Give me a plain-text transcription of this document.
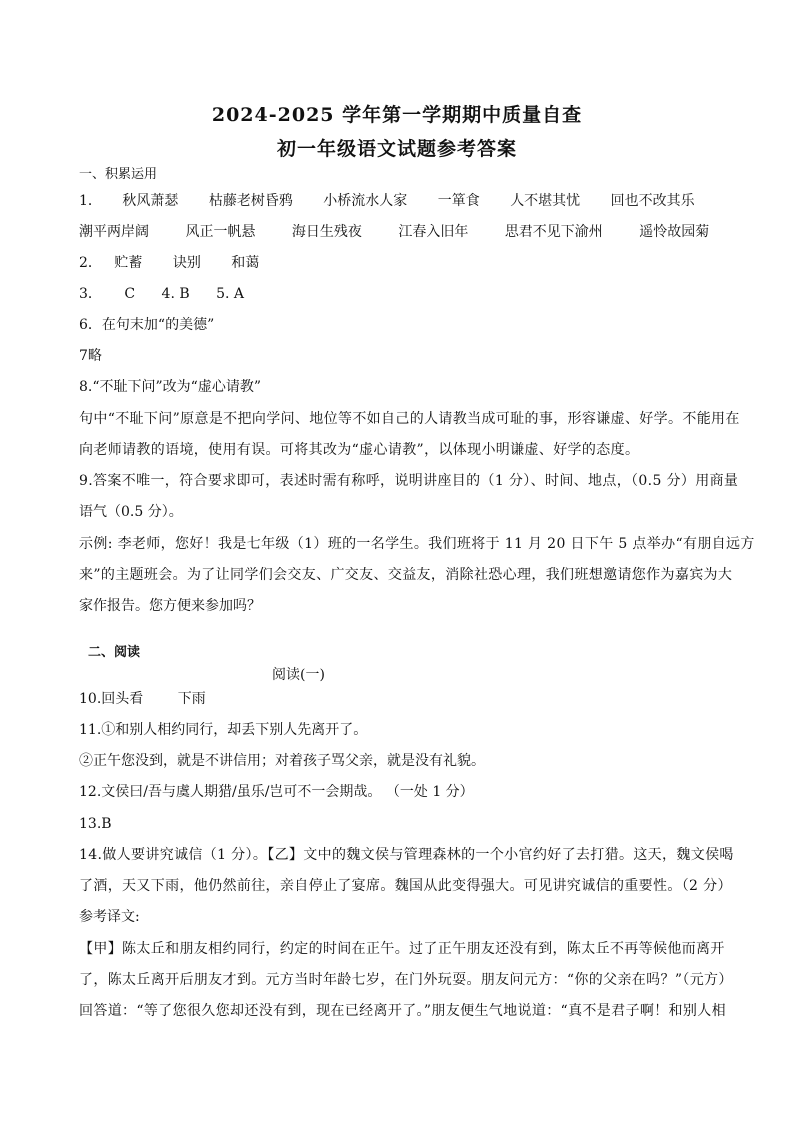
2024-2025 学年第一学期期中质量自查
初一年级语文试题参考答案
一、积累运用
1． 秋风萧瑟 枯藤老树昏鸦 小桥流水人家 一箪食 人不堪其忧 回也不改其乐
潮平两岸阔	风正一帆悬	海日生残夜	江春入旧年	思君不见下渝州	遥怜故园菊
2． 贮蓄 诀别 和蔼
3． C 4. B 5. A
6．在句末加“的美德”
7略
8.“不耻下问”改为“虚心请教”
句中“不耻下问”原意是不把向学问、地位等不如自己的人请教当成可耻的事，形容谦虚、好学。不能用在
向老师请教的语境，使用有误。可将其改为“虚心请教”，以体现小明谦虚、好学的态度。
9.答案不唯一，符合要求即可，表述时需有称呼，说明讲座目的（1 分）、时间、地点，（0.5 分）用商量
语气（0.5 分）。
示例: 李老师，您好！我是七年级（1）班的一名学生。我们班将于 11 月 20 日下午 5 点举办“有朋自远方
来”的主题班会。为了让同学们会交友、广交友、交益友，消除社恐心理，我们班想邀请您作为嘉宾为大
家作报告。您方便来参加吗？
二、阅读
阅读(一)
10.回头看 下雨
11.①和别人相约同行，却丢下别人先离开了。
②正午您没到，就是不讲信用；对着孩子骂父亲，就是没有礼貌。
12.文侯曰/吾与虞人期猎/虽乐/岂可不一会期哉。 （一处 1 分）
13.B
14.做人要讲究诚信（1 分）。【乙】文中的魏文侯与管理森林的一个小官约好了去打猎。这天，魏文侯喝
了酒，天又下雨，他仍然前往，亲自停止了宴席。魏国从此变得强大。可见讲究诚信的重要性。（2 分）
参考译文:
【甲】陈太丘和朋友相约同行，约定的时间在正午。过了正午朋友还没有到，陈太丘不再等候他而离开
了，陈太丘离开后朋友才到。元方当时年龄七岁，在门外玩耍。朋友问元方：“你的父亲在吗？”（元方）
回答道：“等了您很久您却还没有到，现在已经离开了。”朋友便生气地说道：“真不是君子啊！和别人相
